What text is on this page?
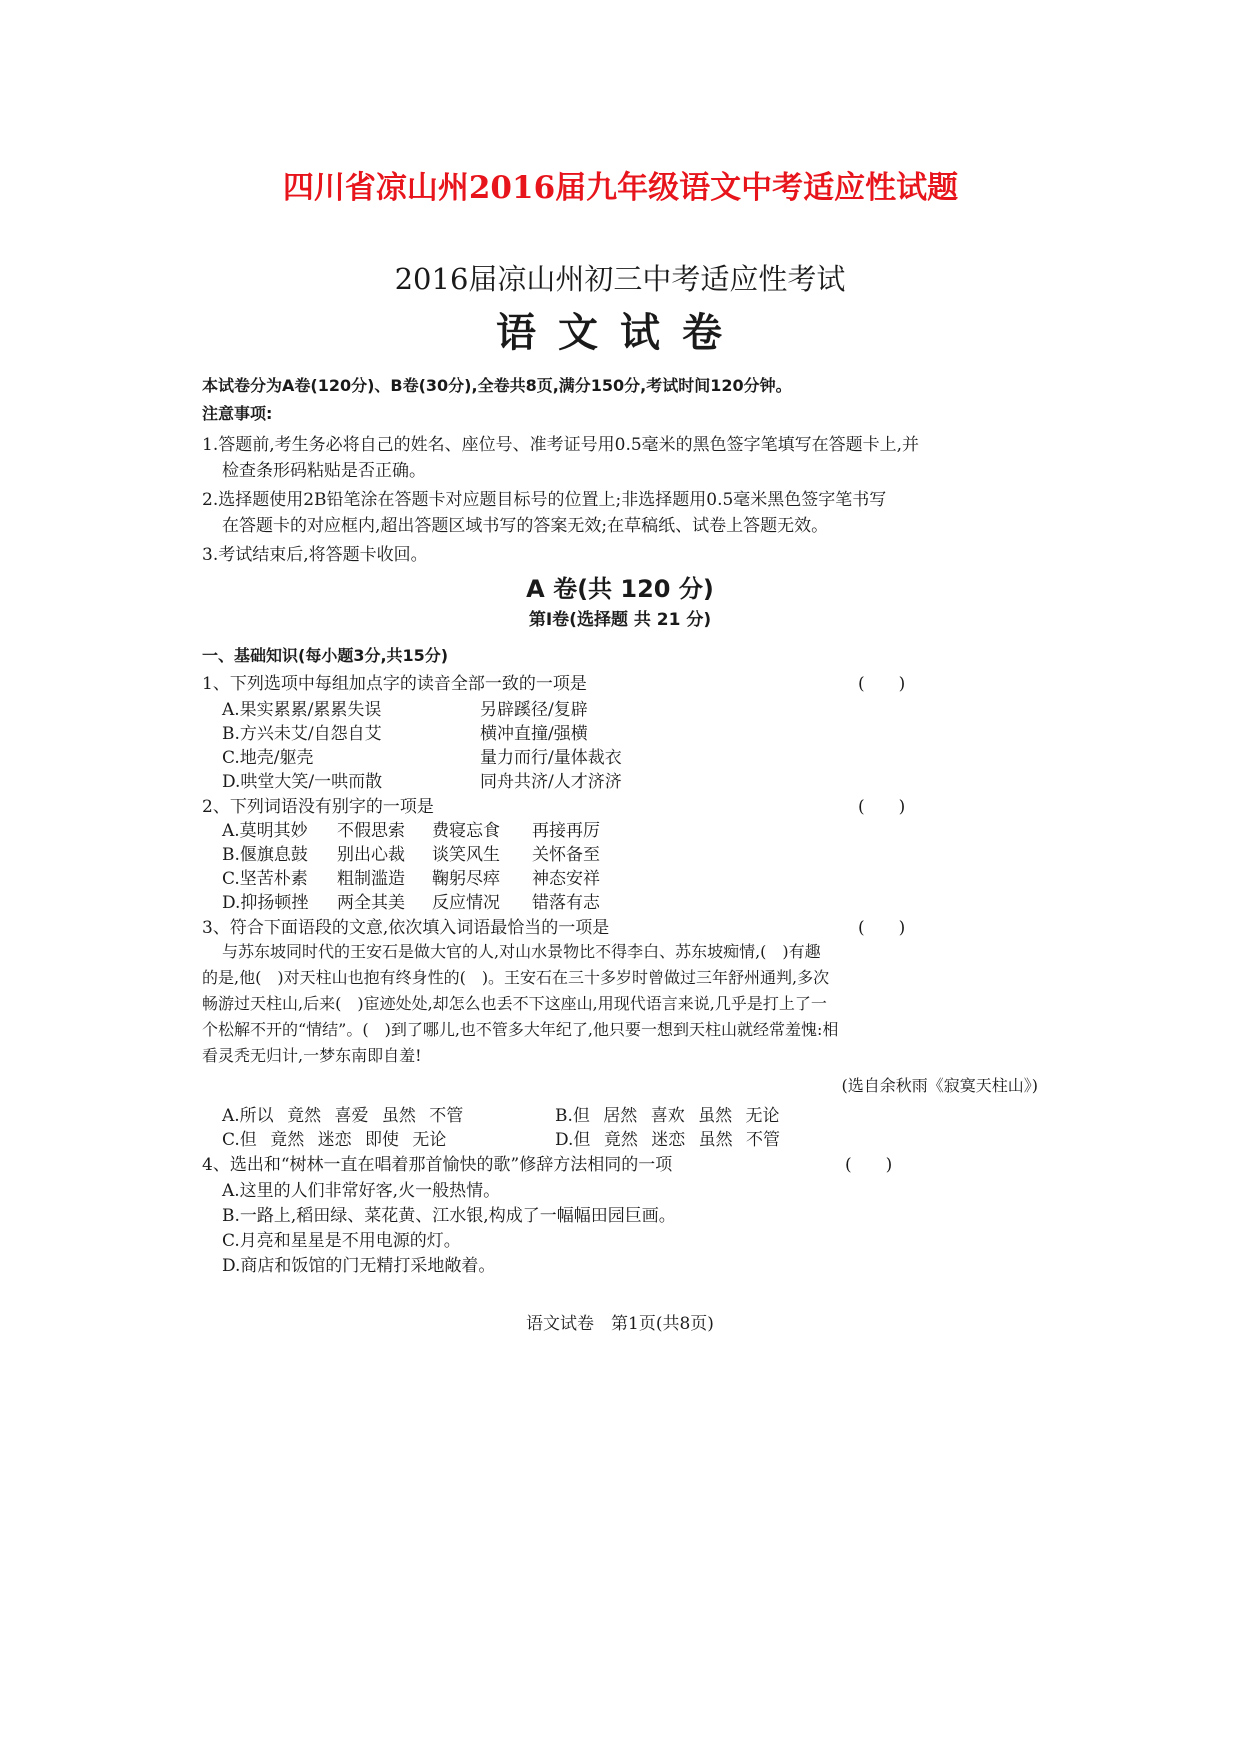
四川省凉山州2016届九年级语文中考适应性试题
2016届凉山州初三中考适应性考试
语文试卷
本试卷分为A卷(120分)、B卷(30分),全卷共8页,满分150分,考试时间120分钟。
注意事项:
1.答题前,考生务必将自己的姓名、座位号、准考证号用0.5毫米的黑色签字笔填写在答题卡上,并
检查条形码粘贴是否正确。
2.选择题使用2B铅笔涂在答题卡对应题目标号的位置上;非选择题用0.5毫米黑色签字笔书写
在答题卡的对应框内,超出答题区域书写的答案无效;在草稿纸、试卷上答题无效。
3.考试结束后,将答题卡收回。
A 卷(共 120 分)
第Ⅰ卷(选择题 共 21 分)
一、基础知识(每小题3分,共15分)
1、下列选项中每组加点字的读音全部一致的一项是	(　　)
A.果实累累/累累失误	另辟蹊径/复辟
B.方兴未艾/自怨自艾	横冲直撞/强横
C.地壳/躯壳	量力而行/量体裁衣
D.哄堂大笑/一哄而散	同舟共济/人才济济
2、下列词语没有别字的一项是	(　　)
A.莫明其妙	不假思索	费寝忘食	再接再厉
B.偃旗息鼓	别出心裁	谈笑风生	关怀备至
C.坚苦朴素	粗制滥造	鞠躬尽瘁	神态安祥
D.抑扬顿挫	两全其美	反应情况	错落有志
3、符合下面语段的文意,依次填入词语最恰当的一项是	(　　)
与苏东坡同时代的王安石是做大官的人,对山水景物比不得李白、苏东坡痴情,(　)有趣
的是,他(　)对天柱山也抱有终身性的(　)。王安石在三十多岁时曾做过三年舒州通判,多次
畅游过天柱山,后来(　)宦迹处处,却怎么也丢不下这座山,用现代语言来说,几乎是打上了一
个松解不开的“情结”。(　)到了哪儿,也不管多大年纪了,他只要一想到天柱山就经常羞愧:相
看灵秃无归计,一梦东南即自羞!
(选自余秋雨《寂寞天柱山》)
A.所以 竟然 喜爱 虽然 不管	B.但 居然 喜欢 虽然 无论
C.但 竟然 迷恋 即使 无论	D.但 竟然 迷恋 虽然 不管
4、选出和“树林一直在唱着那首愉快的歌”修辞方法相同的一项	(　　)
A.这里的人们非常好客,火一般热情。
B.一路上,稻田绿、菜花黄、江水银,构成了一幅幅田园巨画。
C.月亮和星星是不用电源的灯。
D.商店和饭馆的门无精打采地敞着。
语文试卷　第1页(共8页)
